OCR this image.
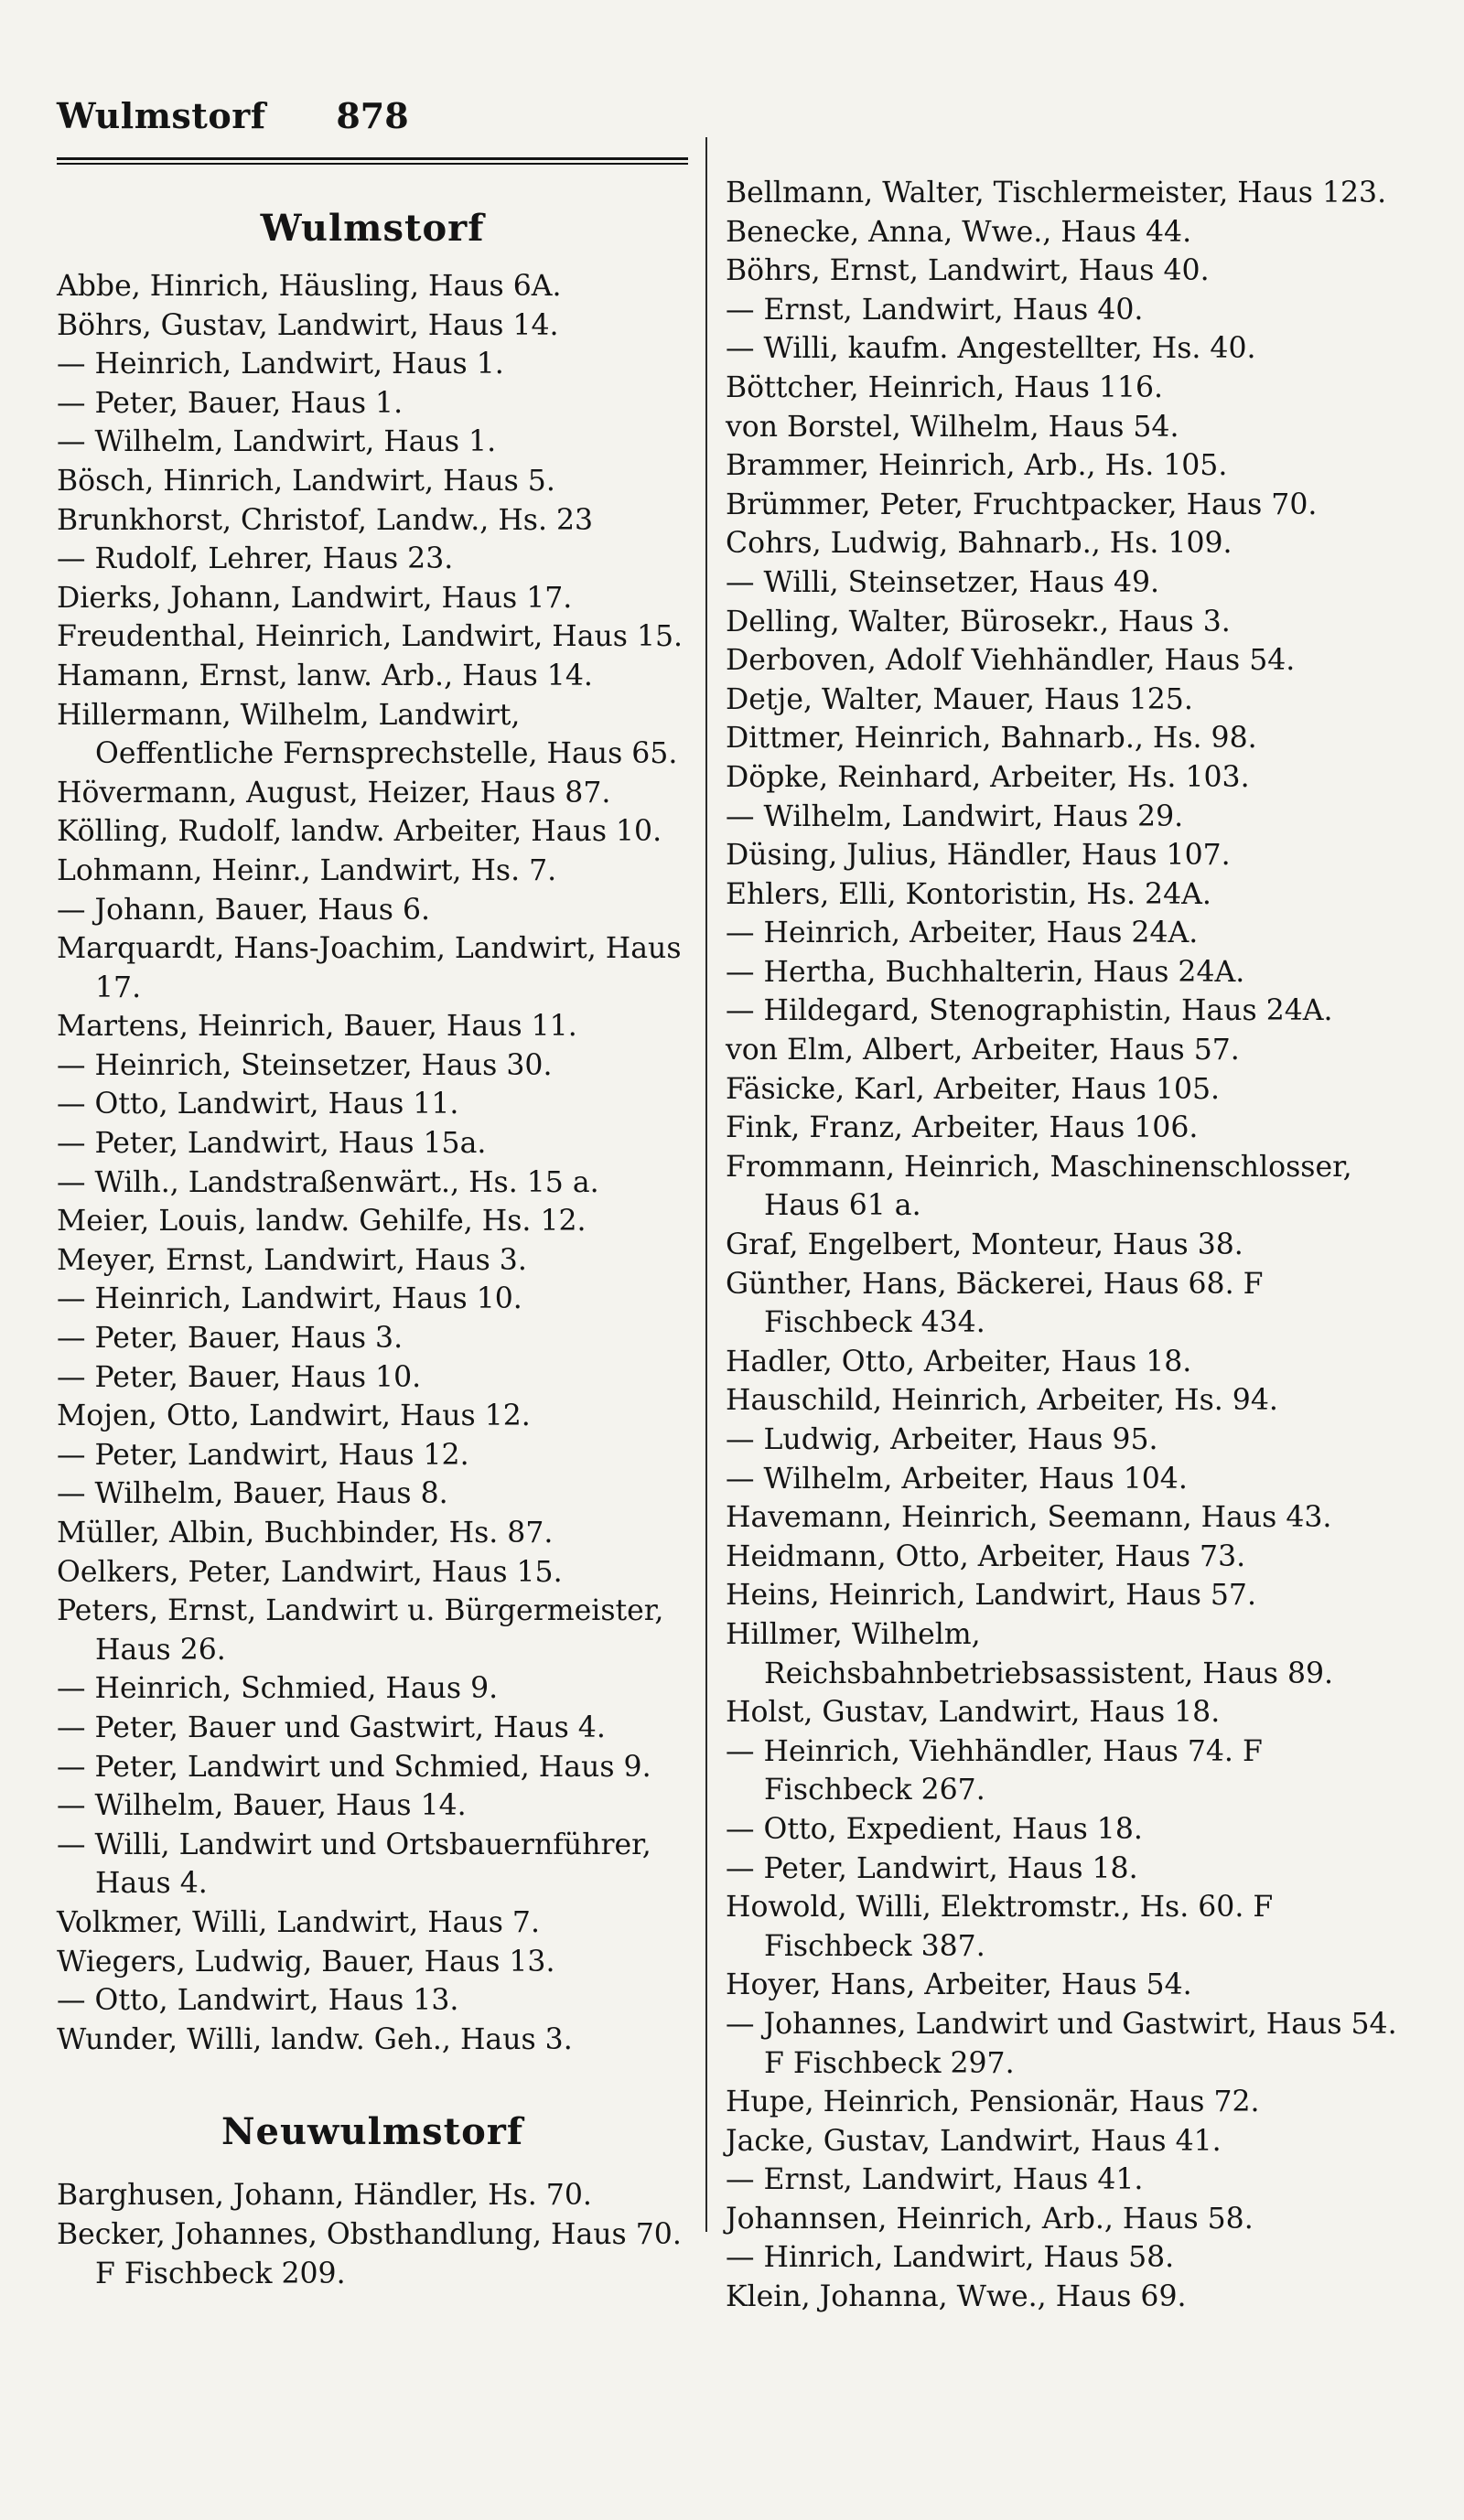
Wulmstorf	878
Wulmstorf
Abbe, Hinrich, Häusling, Haus 6A.
Böhrs, Gustav, Landwirt, Haus 14.
— Heinrich, Landwirt, Haus 1.
— Peter, Bauer, Haus 1.
— Wilhelm, Landwirt, Haus 1.
Bösch, Hinrich, Landwirt, Haus 5.
Brunkhorst, Christof, Landw., Hs. 23
— Rudolf, Lehrer, Haus 23.
Dierks, Johann, Landwirt, Haus 17.
Freudenthal, Heinrich, Landwirt, Haus 15.
Hamann, Ernst, lanw. Arb., Haus 14.
Hillermann, Wilhelm, Landwirt, Oeffentliche Fernsprechstelle, Haus 65.
Hövermann, August, Heizer, Haus 87.
Kölling, Rudolf, landw. Arbeiter, Haus 10.
Lohmann, Heinr., Landwirt, Hs. 7.
— Johann, Bauer, Haus 6.
Marquardt, Hans-Joachim, Landwirt, Haus 17.
Martens, Heinrich, Bauer, Haus 11.
— Heinrich, Steinsetzer, Haus 30.
— Otto, Landwirt, Haus 11.
— Peter, Landwirt, Haus 15a.
— Wilh., Landstraßenwärt., Hs. 15 a.
Meier, Louis, landw. Gehilfe, Hs. 12.
Meyer, Ernst, Landwirt, Haus 3.
— Heinrich, Landwirt, Haus 10.
— Peter, Bauer, Haus 3.
— Peter, Bauer, Haus 10.
Mojen, Otto, Landwirt, Haus 12.
— Peter, Landwirt, Haus 12.
— Wilhelm, Bauer, Haus 8.
Müller, Albin, Buchbinder, Hs. 87.
Oelkers, Peter, Landwirt, Haus 15.
Peters, Ernst, Landwirt u. Bürgermeister, Haus 26.
— Heinrich, Schmied, Haus 9.
— Peter, Bauer und Gastwirt, Haus 4.
— Peter, Landwirt und Schmied, Haus 9.
— Wilhelm, Bauer, Haus 14.
— Willi, Landwirt und Ortsbauernführer, Haus 4.
Volkmer, Willi, Landwirt, Haus 7.
Wiegers, Ludwig, Bauer, Haus 13.
— Otto, Landwirt, Haus 13.
Wunder, Willi, landw. Geh., Haus 3.
Neuwulmstorf
Barghusen, Johann, Händler, Hs. 70.
Becker, Johannes, Obsthandlung, Haus 70. F Fischbeck 209.
Bellmann, Walter, Tischlermeister, Haus 123.
Benecke, Anna, Wwe., Haus 44.
Böhrs, Ernst, Landwirt, Haus 40.
— Ernst, Landwirt, Haus 40.
— Willi, kaufm. Angestellter, Hs. 40.
Böttcher, Heinrich, Haus 116.
von Borstel, Wilhelm, Haus 54.
Brammer, Heinrich, Arb., Hs. 105.
Brümmer, Peter, Fruchtpacker, Haus 70.
Cohrs, Ludwig, Bahnarb., Hs. 109.
— Willi, Steinsetzer, Haus 49.
Delling, Walter, Bürosekr., Haus 3.
Derboven, Adolf Viehhändler, Haus 54.
Detje, Walter, Mauer, Haus 125.
Dittmer, Heinrich, Bahnarb., Hs. 98.
Döpke, Reinhard, Arbeiter, Hs. 103.
— Wilhelm, Landwirt, Haus 29.
Düsing, Julius, Händler, Haus 107.
Ehlers, Elli, Kontoristin, Hs. 24A.
— Heinrich, Arbeiter, Haus 24A.
— Hertha, Buchhalterin, Haus 24A.
— Hildegard, Stenographistin, Haus 24A.
von Elm, Albert, Arbeiter, Haus 57.
Fäsicke, Karl, Arbeiter, Haus 105.
Fink, Franz, Arbeiter, Haus 106.
Frommann, Heinrich, Maschinenschlosser, Haus 61 a.
Graf, Engelbert, Monteur, Haus 38.
Günther, Hans, Bäckerei, Haus 68. F Fischbeck 434.
Hadler, Otto, Arbeiter, Haus 18.
Hauschild, Heinrich, Arbeiter, Hs. 94.
— Ludwig, Arbeiter, Haus 95.
— Wilhelm, Arbeiter, Haus 104.
Havemann, Heinrich, Seemann, Haus 43.
Heidmann, Otto, Arbeiter, Haus 73.
Heins, Heinrich, Landwirt, Haus 57.
Hillmer, Wilhelm, Reichsbahnbetriebsassistent, Haus 89.
Holst, Gustav, Landwirt, Haus 18.
— Heinrich, Viehhändler, Haus 74. F Fischbeck 267.
— Otto, Expedient, Haus 18.
— Peter, Landwirt, Haus 18.
Howold, Willi, Elektromstr., Hs. 60. F Fischbeck 387.
Hoyer, Hans, Arbeiter, Haus 54.
— Johannes, Landwirt und Gastwirt, Haus 54. F Fischbeck 297.
Hupe, Heinrich, Pensionär, Haus 72.
Jacke, Gustav, Landwirt, Haus 41.
— Ernst, Landwirt, Haus 41.
Johannsen, Heinrich, Arb., Haus 58.
— Hinrich, Landwirt, Haus 58.
Klein, Johanna, Wwe., Haus 69.
